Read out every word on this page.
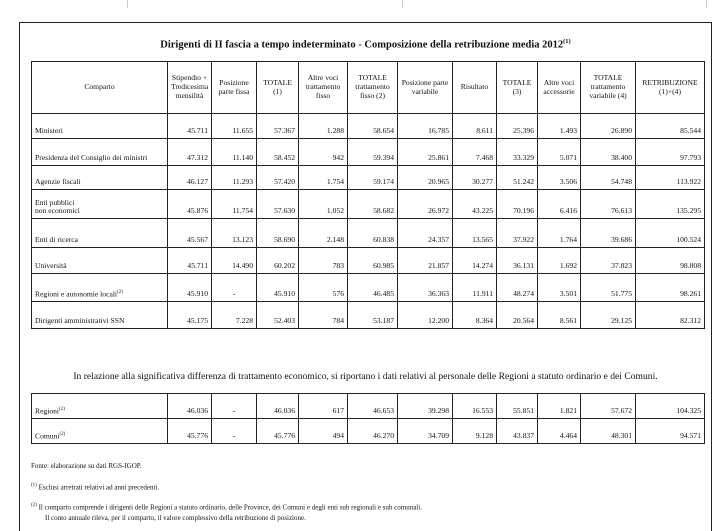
Dirigenti di II fascia a tempo indeterminato - Composizione della retribuzione media 2012$^{(1)}$
Comparto	Stipendio + Tredicesima mensilità	Posizione parte fissa	TOTALE (1)	Altre voci trattamento fisso	TOTALE trattamento fisso (2)	Posizione parte variabile	Risultato	TOTALE (3)	Altre voci accessorie	TOTALE trattamento variabile (4)	RETRIBUZIONE (1)+(4)
Ministeri	45.711	11.655	57.367	1.288	58.654	16.785	8.611	25.396	1.493	26.890	85.544
Presidenza del Consiglio dei ministri	47.312	11.140	58.452	942	59.394	25.861	7.468	33.329	5.071	38.400	97.793
Agenzie fiscali	46.127	11.293	57.420	1.754	59.174	20.965	30.277	51.242	3.506	54.748	113.922
Enti pubblici
non economici	45.876	11.754	57.630	1.052	58.682	26.972	43.225	70.196	6.416	76.613	135.295
Enti di ricerca	45.567	13.123	58.690	2.148	60.838	24.357	13.565	37.922	1.764	39.686	100.524
Università	45.711	14.490	60.202	783	60.985	21.857	14.274	36.131	1.692	37.823	98.808
Regioni e autonomie locali$^{(2)}$	45.910	-	45.910	576	46.485	36.363	11.911	48.274	3.501	51.775	98.261
Dirigenti amministrativi SSN	45.175	7.228	52.403	784	53.187	12.200	8.364	20.564	8.561	29.125	82.312
In relazione alla significativa differenza di trattamento economico, si riportano i dati relativi al personale delle Regioni a statuto ordinario e dei Comuni.
Regioni$^{(2)}$	46.036	-	46.036	617	46.653	39.298	16.553	55.851	1.821	57.672	104.325
Comuni$^{(2)}$	45.776	-	45.776	494	46.270	34.709	9.128	43.837	4.464	48.301	94.571
Fonte: elaborazione su dati RGS-IGOP.
$^{(1)}$ Esclusi arretrati relativi ad anni precedenti.
$^{(2)}$ Il comparto comprende i dirigenti delle Regioni a statuto ordinario, delle Province, dei Comuni e degli enti sub regionali e sub comunali.
Il conto annuale rileva, per il comparto, il valore complessivo della retribuzione di posizione.
